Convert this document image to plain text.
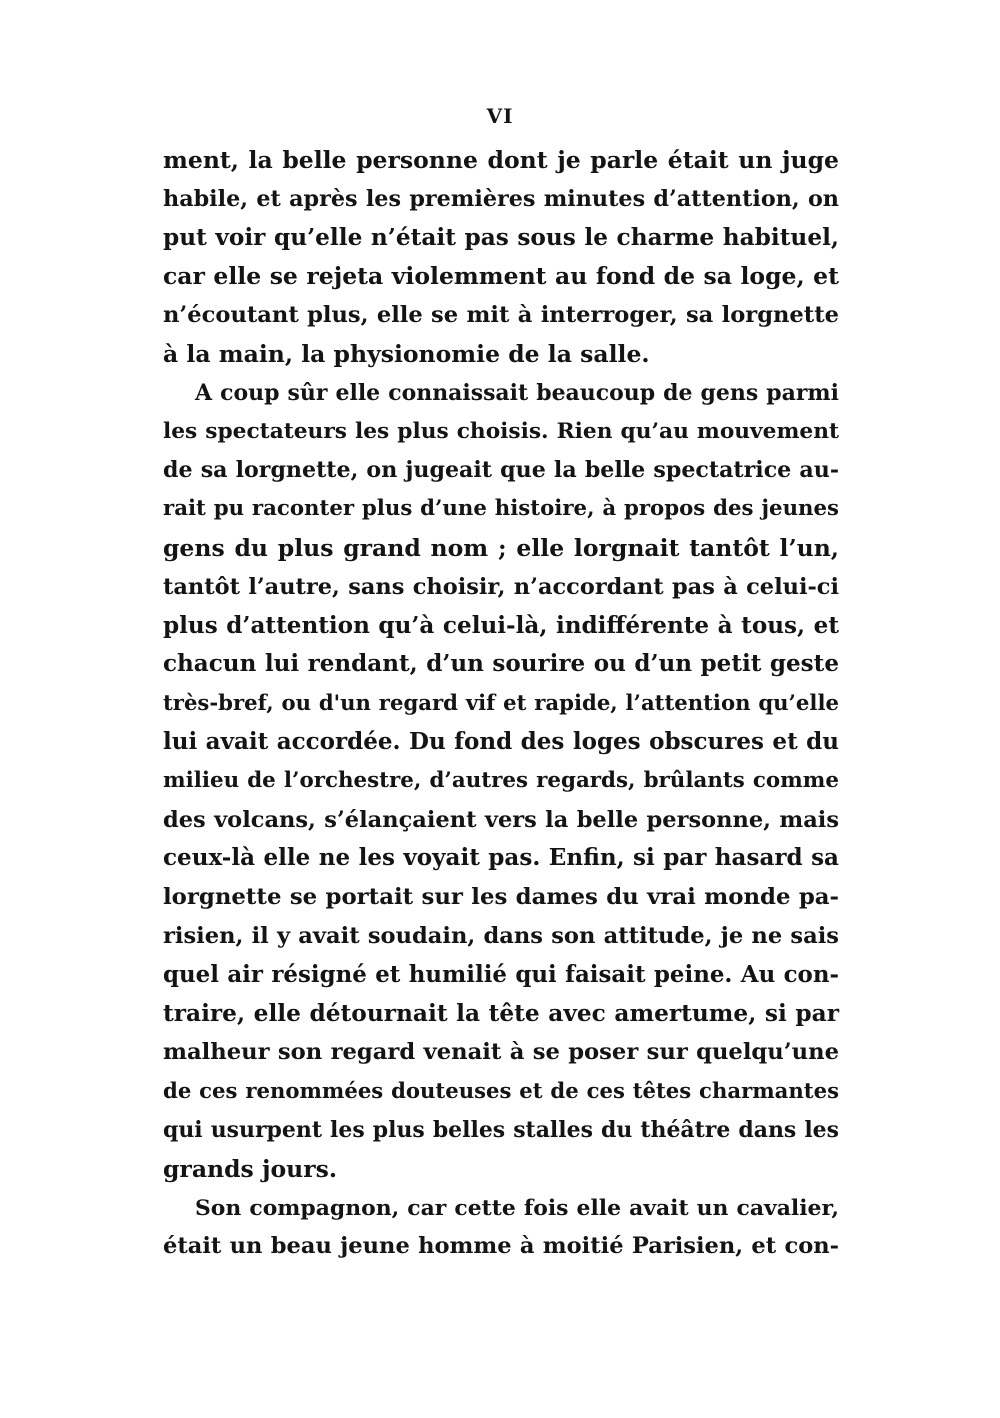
VI
ment, la belle personne dont je parle était un juge
habile, et après les premières minutes d’attention, on
put voir qu’elle n’était pas sous le charme habituel,
car elle se rejeta violemment au fond de sa loge, et
n’écoutant plus, elle se mit à interroger, sa lorgnette
à la main, la physionomie de la salle.
A coup sûr elle connaissait beaucoup de gens parmi
les spectateurs les plus choisis. Rien qu’au mouvement
de sa lorgnette, on jugeait que la belle spectatrice au-
rait pu raconter plus d’une histoire, à propos des jeunes
gens du plus grand nom ; elle lorgnait tantôt l’un,
tantôt l’autre, sans choisir, n’accordant pas à celui-ci
plus d’attention qu’à celui-là, indifférente à tous, et
chacun lui rendant, d’un sourire ou d’un petit geste
très-bref, ou d'un regard vif et rapide, l’attention qu’elle
lui avait accordée. Du fond des loges obscures et du
milieu de l’orchestre, d’autres regards, brûlants comme
des volcans, s’élançaient vers la belle personne, mais
ceux-là elle ne les voyait pas. Enfin, si par hasard sa
lorgnette se portait sur les dames du vrai monde pa-
risien, il y avait soudain, dans son attitude, je ne sais
quel air résigné et humilié qui faisait peine. Au con-
traire, elle détournait la tête avec amertume, si par
malheur son regard venait à se poser sur quelqu’une
de ces renommées douteuses et de ces têtes charmantes
qui usurpent les plus belles stalles du théâtre dans les
grands jours.
Son compagnon, car cette fois elle avait un cavalier,
était un beau jeune homme à moitié Parisien, et con-
